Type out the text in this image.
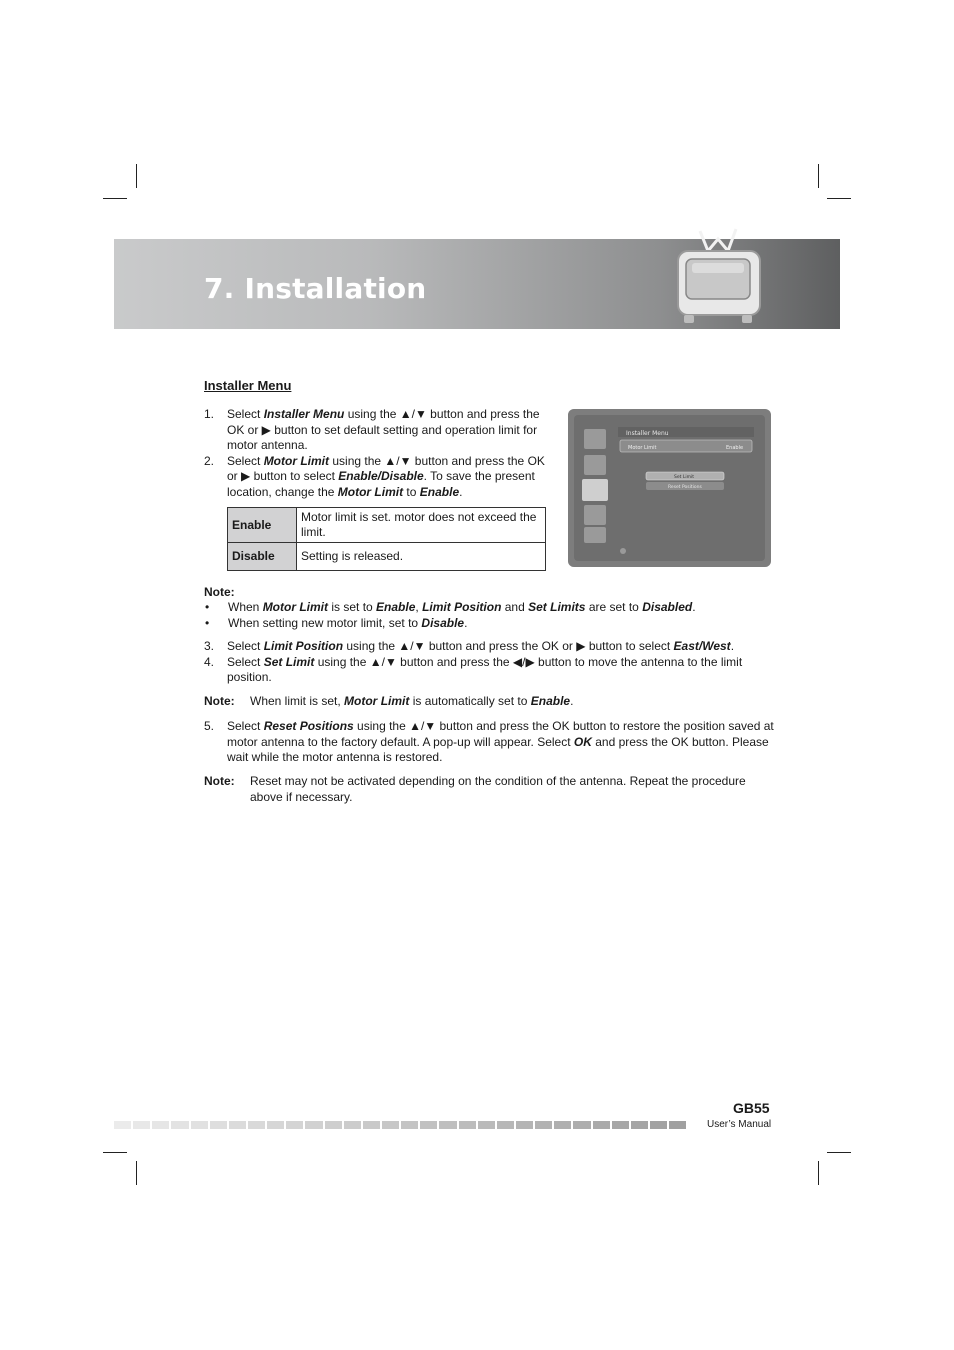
7. Installation
Installer Menu
1.	Select Installer Menu using the ▲/▼ button and press the OK or ▶ button to set default setting and operation limit for motor antenna.
2.	Select Motor Limit using the ▲/▼ button and press the OK or ▶ button to select Enable/Disable. To save the present location, change the Motor Limit to Enable.
Enable	Motor limit is set. motor does not exceed the limit.
Disable	Setting is released.
Installer Menu
Motor Limit	Enable
Set Limit
Reset Positions
Note:
•	When Motor Limit is set to Enable, Limit Position and Set Limits are set to Disabled.
•	When setting new motor limit, set to Disable.
3.	Select Limit Position using the ▲/▼ button and press the OK or ▶ button to select East/West.
4.	Select Set Limit using the ▲/▼ button and press the ◀/▶ button to move the antenna to the limit position.
Note:	When limit is set, Motor Limit is automatically set to Enable.
5.	Select Reset Positions using the ▲/▼ button and press the OK button to restore the position saved at motor antenna to the factory default. A pop-up will appear. Select OK and press the OK button. Please wait while the motor antenna is restored.
Note:	Reset may not be activated depending on the condition of the antenna. Repeat the procedure above if necessary.
GB55
User’s Manual
